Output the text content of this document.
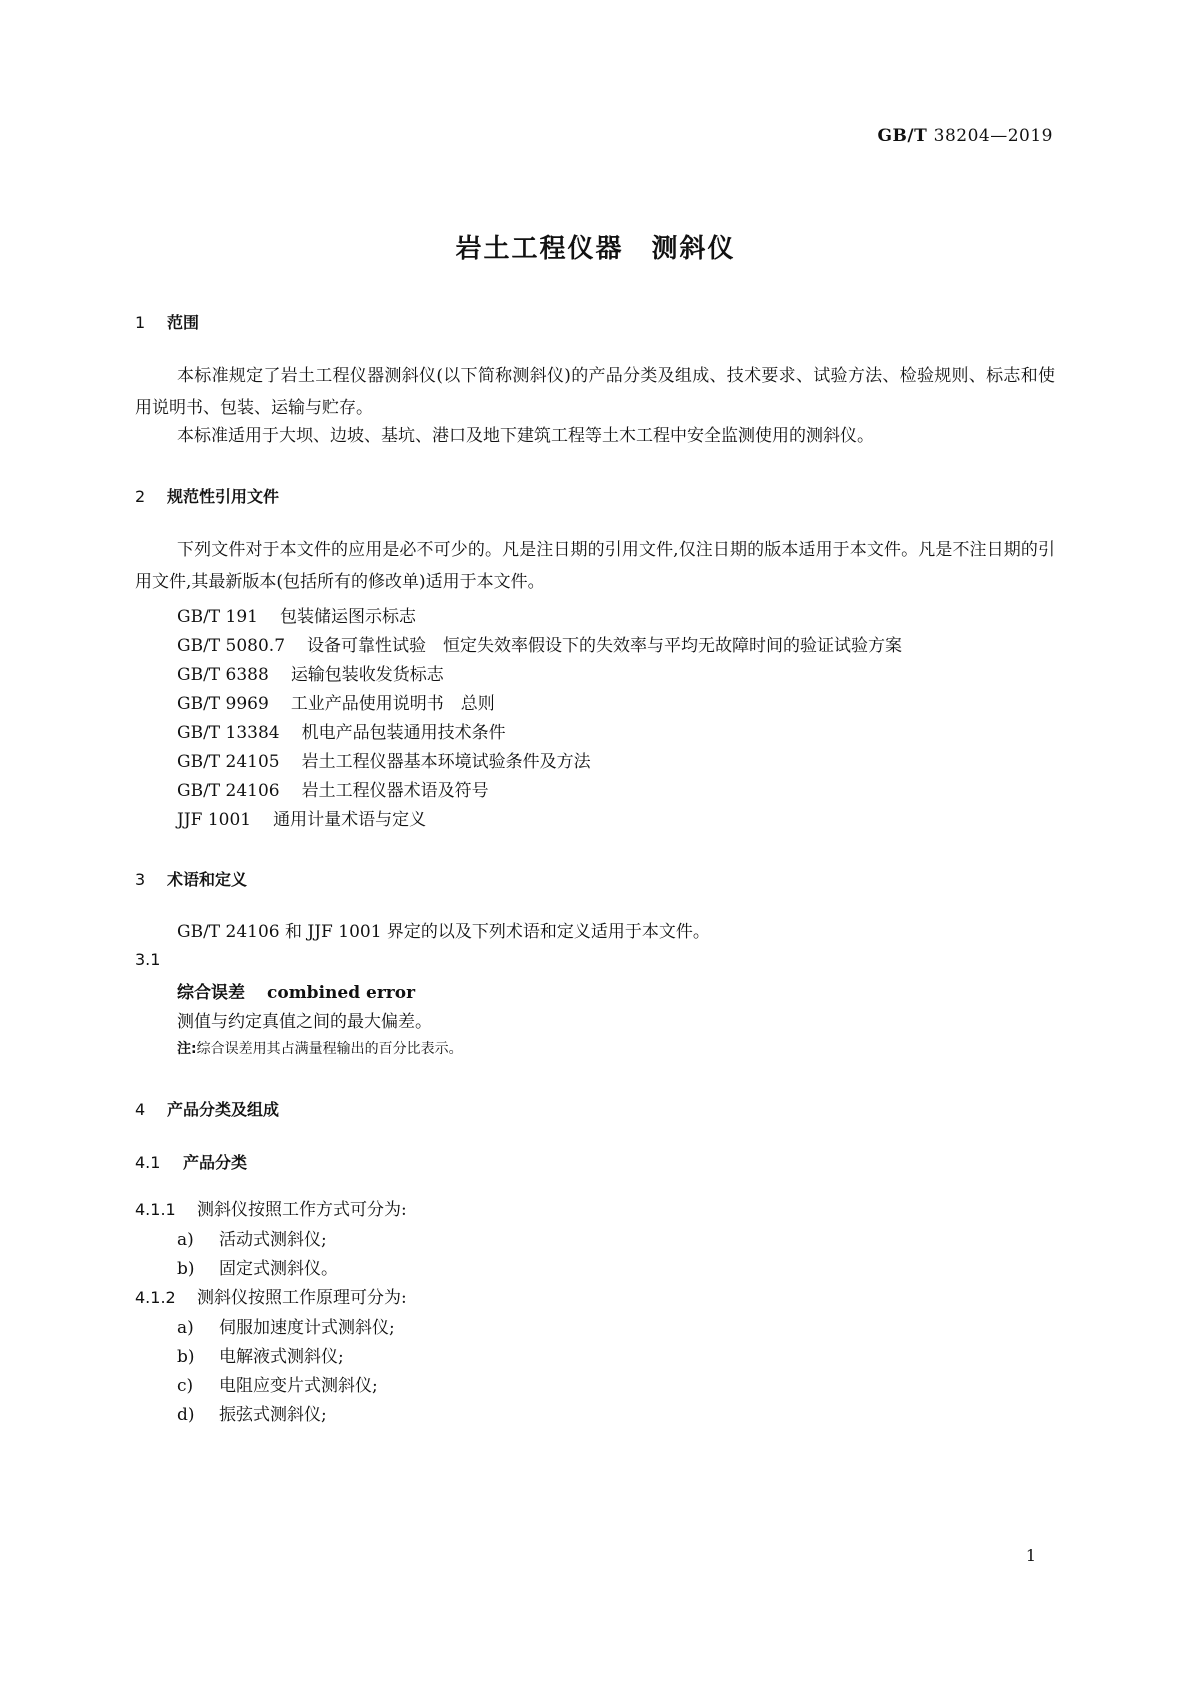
GB/T 38204—2019
岩土工程仪器　测斜仪
1 范围
本标准规定了岩土工程仪器测斜仪(以下简称测斜仪)的产品分类及组成、技术要求、试验方法、检验规则、标志和使用说明书、包装、运输与贮存。
本标准适用于大坝、边坡、基坑、港口及地下建筑工程等土木工程中安全监测使用的测斜仪。
2 规范性引用文件
下列文件对于本文件的应用是必不可少的。凡是注日期的引用文件,仅注日期的版本适用于本文件。凡是不注日期的引用文件,其最新版本(包括所有的修改单)适用于本文件。
GB/T 191 包装储运图示标志
GB/T 5080.7 设备可靠性试验　恒定失效率假设下的失效率与平均无故障时间的验证试验方案
GB/T 6388 运输包装收发货标志
GB/T 9969 工业产品使用说明书　总则
GB/T 13384 机电产品包装通用技术条件
GB/T 24105 岩土工程仪器基本环境试验条件及方法
GB/T 24106 岩土工程仪器术语及符号
JJF 1001 通用计量术语与定义
3 术语和定义
GB/T 24106 和 JJF 1001 界定的以及下列术语和定义适用于本文件。
3.1
综合误差 combined error
测值与约定真值之间的最大偏差。
注:综合误差用其占满量程输出的百分比表示。
4 产品分类及组成
4.1 产品分类
4.1.1 测斜仪按照工作方式可分为:
a) 活动式测斜仪;
b) 固定式测斜仪。
4.1.2 测斜仪按照工作原理可分为:
a) 伺服加速度计式测斜仪;
b) 电解液式测斜仪;
c) 电阻应变片式测斜仪;
d) 振弦式测斜仪;
1
